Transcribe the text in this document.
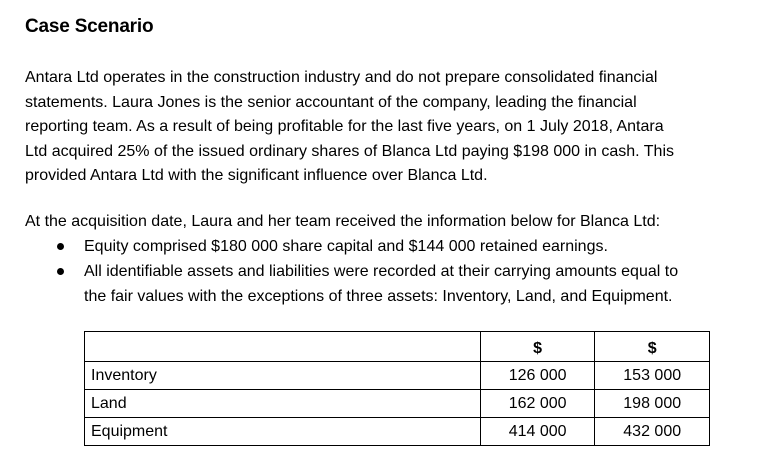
Case Scenario

Antara Ltd operates in the construction industry and do not prepare consolidated financial
statements. Laura Jones is the senior accountant of the company, leading the financial
reporting team. As a result of being profitable for the last five years, on 1 July 2018, Antara
Ltd acquired 25% of the issued ordinary shares of Blanca Ltd paying $198 000 in cash. This
provided Antara Ltd with the significant influence over Blanca Ltd.

At the acquisition date, Laura and her team received the information below for Blanca Ltd:

Equity comprised $180 000 share capital and $144 000 retained earnings.
All identifiable assets and liabilities were recorded at their carrying amounts equal to
the fair values with the exceptions of three assets: Inventory, Land, and Equipment.
	$	$
Inventory	126 000	153 000
Land	162 000	198 000
Equipment	414 000	432 000
